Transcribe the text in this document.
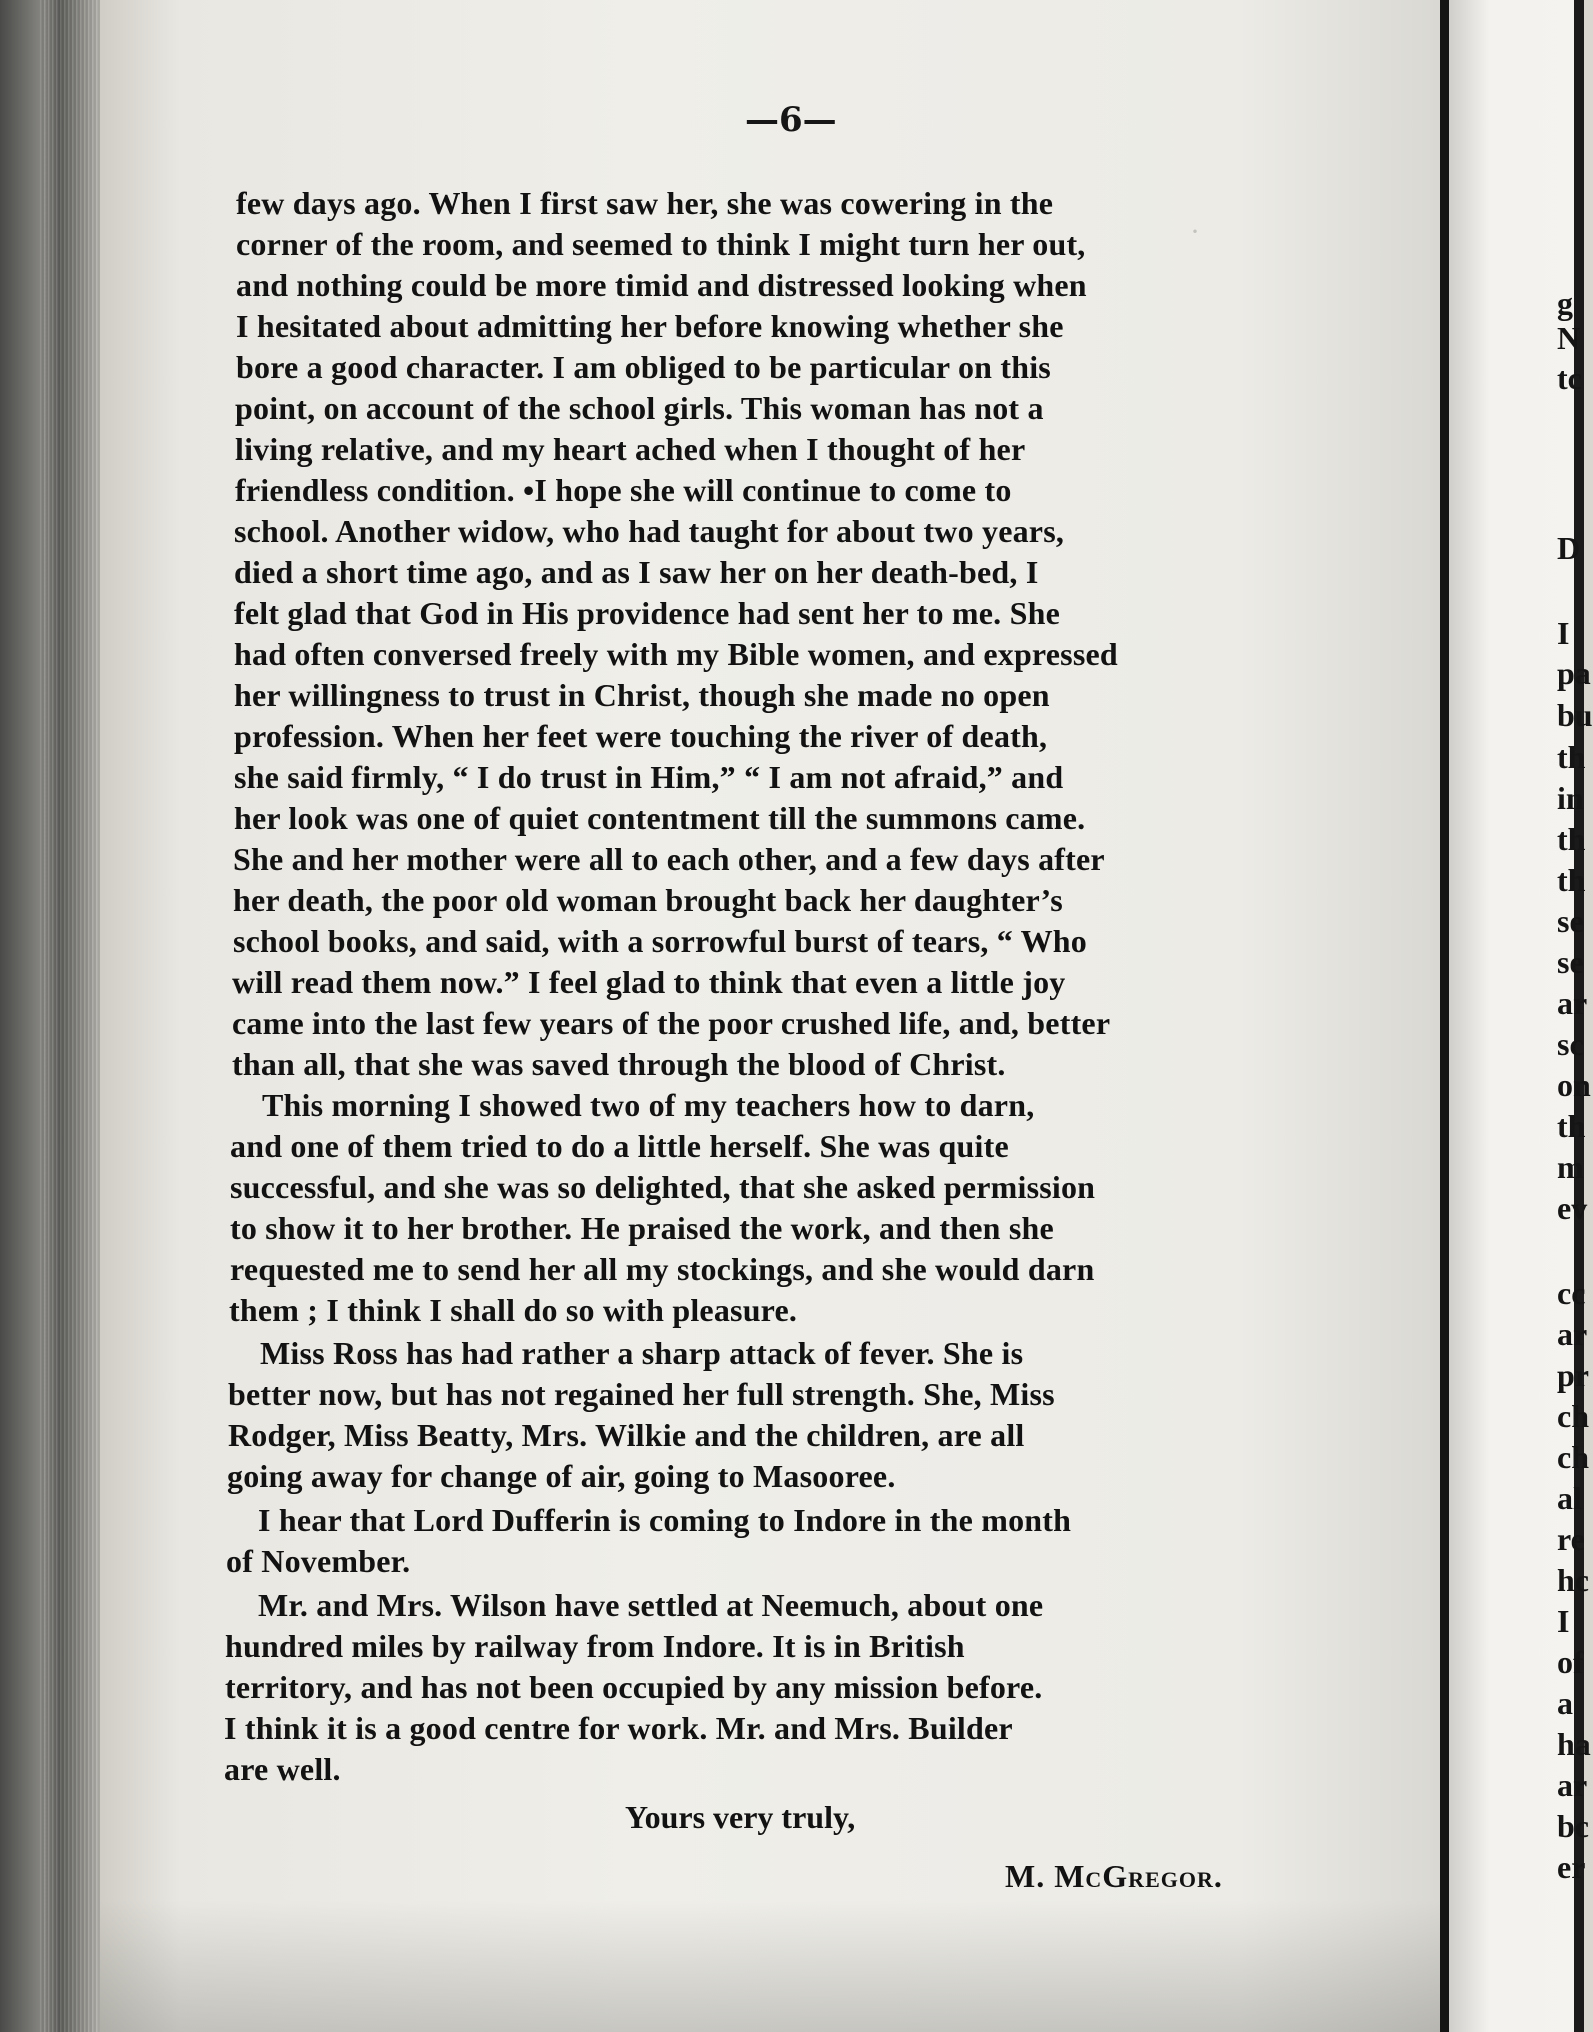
·
—6—
few days ago. When I first saw her, she was cowering in the
corner of the room, and seemed to think I might turn her out,
and nothing could be more timid and distressed looking when
I hesitated about admitting her before knowing whether she
bore a good character. I am obliged to be particular on this
point, on account of the school girls. This woman has not a
living relative, and my heart ached when I thought of her
friendless condition. •I hope she will continue to come to
school. Another widow, who had taught for about two years,
died a short time ago, and as I saw her on her death-bed, I
felt glad that God in His providence had sent her to me. She
had often conversed freely with my Bible women, and expressed
her willingness to trust in Christ, though she made no open
profession. When her feet were touching the river of death,
she said firmly, “ I do trust in Him,” “ I am not afraid,” and
her look was one of quiet contentment till the summons came.
She and her mother were all to each other, and a few days after
her death, the poor old woman brought back her daughter’s
school books, and said, with a sorrowful burst of tears, “ Who
will read them now.” I feel glad to think that even a little joy
came into the last few years of the poor crushed life, and, better
than all, that she was saved through the blood of Christ.
This morning I showed two of my teachers how to darn,
and one of them tried to do a little herself. She was quite
successful, and she was so delighted, that she asked permission
to show it to her brother. He praised the work, and then she
requested me to send her all my stockings, and she would darn
them ; I think I shall do so with pleasure.
Miss Ross has had rather a sharp attack of fever. She is
better now, but has not regained her full strength. She, Miss
Rodger, Miss Beatty, Mrs. Wilkie and the children, are all
going away for change of air, going to Masooree.
I hear that Lord Dufferin is coming to Indore in the month
of November.
Mr. and Mrs. Wilson have settled at Neemuch, about one
hundred miles by railway from Indore. It is in British
territory, and has not been occupied by any mission before.
I think it is a good centre for work. Mr. and Mrs. Builder
are well.
Yours very truly,
M. McGregor.
g
N
tc
D
I
pa
bu
th
in
th
th
se
se
ar
sc
on
th
m
ev
cc
ar
pr
ch
ch
al
re
hc
I
of
a
ha
ar
bc
er
